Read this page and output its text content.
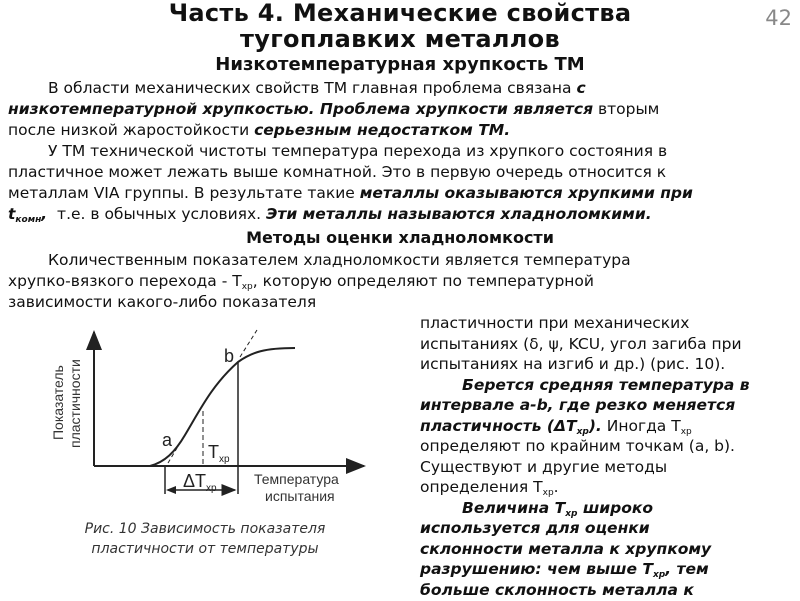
Часть 4. Механические свойства
тугоплавких металлов
42
Низкотемпературная хрупкость ТМ
Методы оценки хладноломкости
В области механических свойств ТМ главная проблема связана с
низкотемпературной хрупкостью. Проблема хрупкости является вторым
после низкой жаростойкости серьезным недостатком ТМ.
У ТМ технической чистоты температура перехода из хрупкого состояния в
пластичное может лежать выше комнатной. Это в первую очередь относится к
металлам VIA группы. В результате такие металлы оказываются хрупкими при
$t_{комн}$,  т.е. в обычных условиях. Эти металлы называются хладноломкими.
Количественным показателем хладноломкости является температура
хрупко-вязкого перехода - $Т_{хр}$, которую определяют по температурной
зависимости какого-либо показателя
пластичности при механических
испытаниях (δ, ψ, KCU, угол загиба при
испытаниях на изгиб и др.) (рис. 10).
Берется средняя температура в
интервале a-b, где резко меняется
пластичность $(\Delta T_{хр})$. Иногда $Т_{хр}$
определяют по крайним точкам (a, b).
Существуют и другие методы
определения $Т_{хр}$.
Величина $T_{хр}$ широко
используется для оценки
склонности металла к хрупкому
разрушению: чем выше $T_{хр}$, тем
больше склонность металла к
Показатель пластичности	a
b
$T_{xp}$
$\Delta T_{xp}$
Температура
испытания
Рис. 10 Зависимость показателя
пластичности от температуры
